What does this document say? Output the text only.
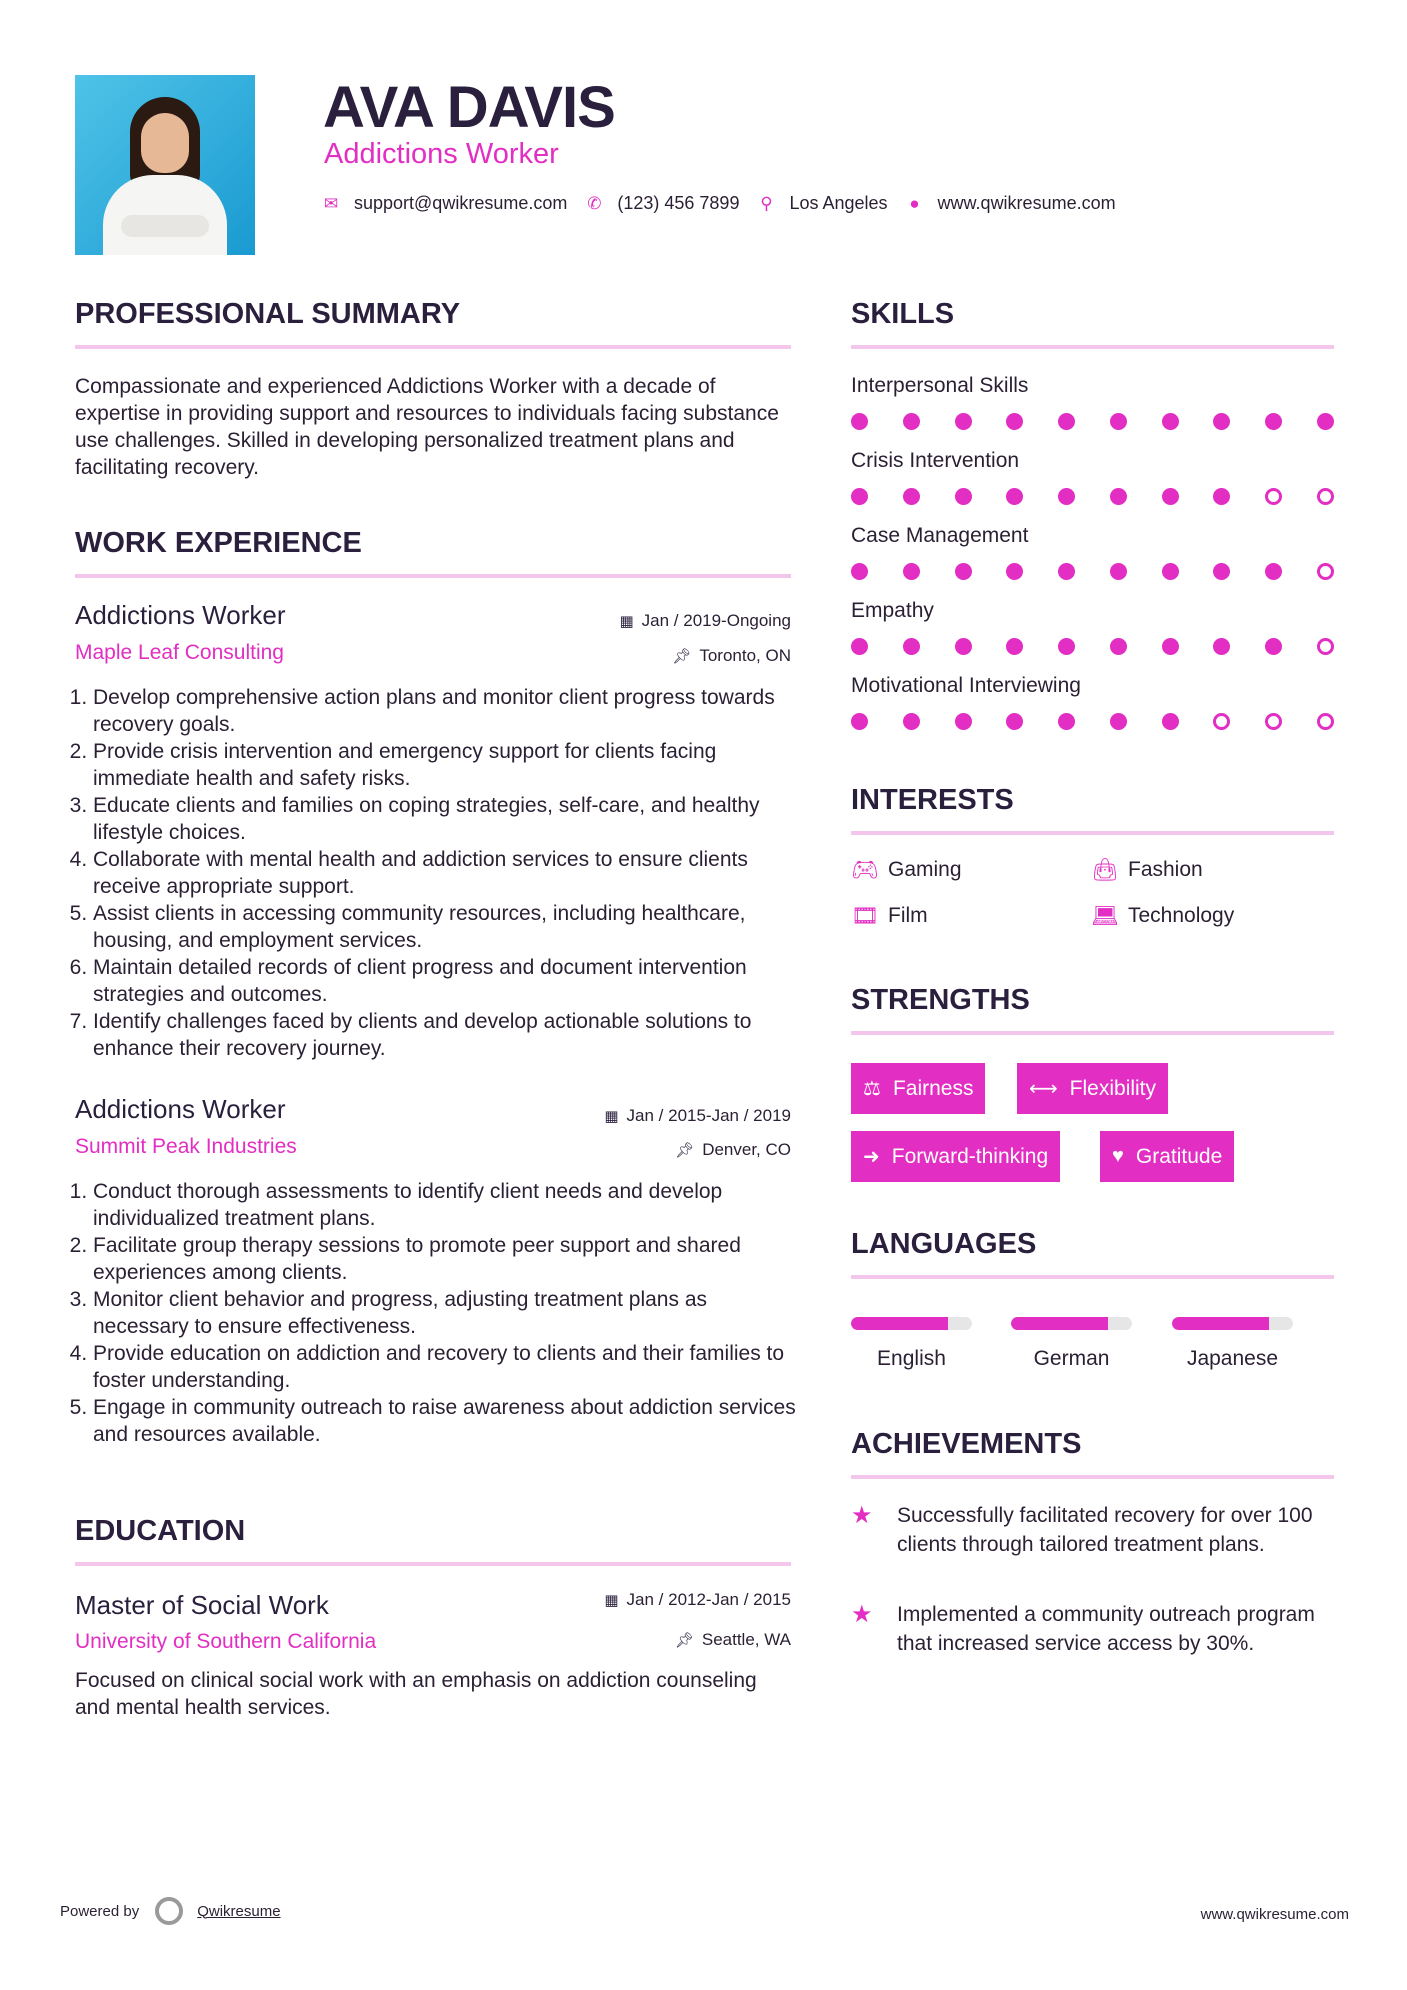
AVA DAVIS
Addictions Worker
✉ support@qwikresume.com ✆ (123) 456 7899 ⚲ Los Angeles ● www.qwikresume.com
PROFESSIONAL SUMMARY
Compassionate and experienced Addictions Worker with a decade of expertise in providing support and resources to individuals facing substance use challenges. Skilled in developing personalized treatment plans and facilitating recovery.
WORK EXPERIENCE
Addictions Worker	▦ Jan / 2019-Ongoing
Maple Leaf Consulting	📌︎ Toronto, ON
1. Develop comprehensive action plans and monitor client progress towards recovery goals.
2. Provide crisis intervention and emergency support for clients facing immediate health and safety risks.
3. Educate clients and families on coping strategies, self-care, and healthy lifestyle choices.
4. Collaborate with mental health and addiction services to ensure clients receive appropriate support.
5. Assist clients in accessing community resources, including healthcare, housing, and employment services.
6. Maintain detailed records of client progress and document intervention strategies and outcomes.
7. Identify challenges faced by clients and develop actionable solutions to enhance their recovery journey.
Addictions Worker	▦ Jan / 2015-Jan / 2019
Summit Peak Industries	📌︎ Denver, CO
1. Conduct thorough assessments to identify client needs and develop individualized treatment plans.
2. Facilitate group therapy sessions to promote peer support and shared experiences among clients.
3. Monitor client behavior and progress, adjusting treatment plans as necessary to ensure effectiveness.
4. Provide education on addiction and recovery to clients and their families to foster understanding.
5. Engage in community outreach to raise awareness about addiction services and resources available.
EDUCATION
Master of Social Work	▦ Jan / 2012-Jan / 2015
University of Southern California	📌︎ Seattle, WA
Focused on clinical social work with an emphasis on addiction counseling and mental health services.
SKILLS
Interpersonal Skills
Crisis Intervention
Case Management
Empathy
Motivational Interviewing
INTERESTS
🎮︎ Gaming	👜︎ Fashion
🎞︎ Film	💻︎ Technology
STRENGTHS
⚖ Fairness	⟷ Flexibility
➜ Forward-thinking	♥ Gratitude
LANGUAGES
English	German	Japanese
ACHIEVEMENTS
★	Successfully facilitated recovery for over 100 clients through tailored treatment plans.
★	Implemented a community outreach program that increased service access by 30%.
Powered by	Qwikresume	www.qwikresume.com
